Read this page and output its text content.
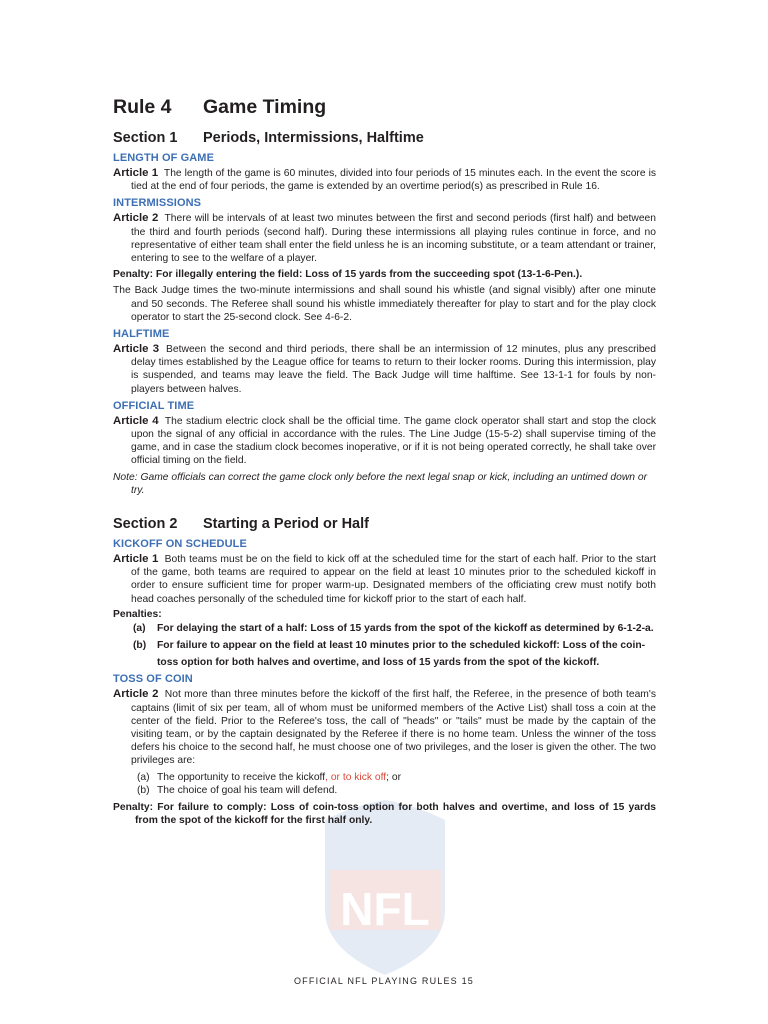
NFL
Rule 4 Game Timing
Section 1 Periods, Intermissions, Halftime
LENGTH OF GAME

Article 1 The length of the game is 60 minutes, divided into four periods of 15 minutes each. In the event the score is tied at the end of four periods, the game is extended by an overtime period(s) as prescribed in Rule 16.

INTERMISSIONS

Article 2 There will be intervals of at least two minutes between the first and second periods (first half) and between the third and fourth periods (second half). During these intermissions all playing rules continue in force, and no representative of either team shall enter the field unless he is an incoming substitute, or a team attendant or trainer, entering to see to the welfare of a player.

Penalty: For illegally entering the field: Loss of 15 yards from the succeeding spot (13-1-6-Pen.).

The Back Judge times the two-minute intermissions and shall sound his whistle (and signal visibly) after one minute and 50 seconds. The Referee shall sound his whistle immediately thereafter for play to start and for the play clock operator to start the 25-second clock. See 4-6-2.

HALFTIME

Article 3 Between the second and third periods, there shall be an intermission of 12 minutes, plus any prescribed delay times established by the League office for teams to return to their locker rooms. During this intermission, play is suspended, and teams may leave the field. The Back Judge will time halftime. See 13-1-1 for fouls by non-players between halves.

OFFICIAL TIME

Article 4 The stadium electric clock shall be the official time. The game clock operator shall start and stop the clock upon the signal of any official in accordance with the rules. The Line Judge (15-5-2) shall supervise timing of the game, and in case the stadium clock becomes inoperative, or if it is not being operated correctly, he shall take over official timing on the field.

Note: Game officials can correct the game clock only before the next legal snap or kick, including an untimed down or try.

Section 2 Starting a Period or Half
KICKOFF ON SCHEDULE

Article 1 Both teams must be on the field to kick off at the scheduled time for the start of each half. Prior to the start of the game, both teams are required to appear on the field at least 10 minutes prior to the scheduled kickoff in order to ensure sufficient time for proper warm-up. Designated members of the officiating crew must notify both head coaches personally of the scheduled time for kickoff prior to the start of each half.

Penalties:

(a) For delaying the start of a half: Loss of 15 yards from the spot of the kickoff as determined by 6-1-2-a.

(b) For failure to appear on the field at least 10 minutes prior to the scheduled kickoff: Loss of the coin-toss option for both halves and overtime, and loss of 15 yards from the spot of the kickoff.

TOSS OF COIN

Article 2 Not more than three minutes before the kickoff of the first half, the Referee, in the presence of both team's captains (limit of six per team, all of whom must be uniformed members of the Active List) shall toss a coin at the center of the field. Prior to the Referee's toss, the call of "heads" or "tails" must be made by the captain of the visiting team, or by the captain designated by the Referee if there is no home team. Unless the winner of the toss defers his choice to the second half, he must choose one of two privileges, and the loser is given the other. The two privileges are:

(a) The opportunity to receive the kickoff, or to kick off; or

(b) The choice of goal his team will defend.

Penalty: For failure to comply: Loss of coin-toss option for both halves and overtime, and loss of 15 yards from the spot of the kickoff for the first half only.

OFFICIAL NFL PLAYING RULES 15
